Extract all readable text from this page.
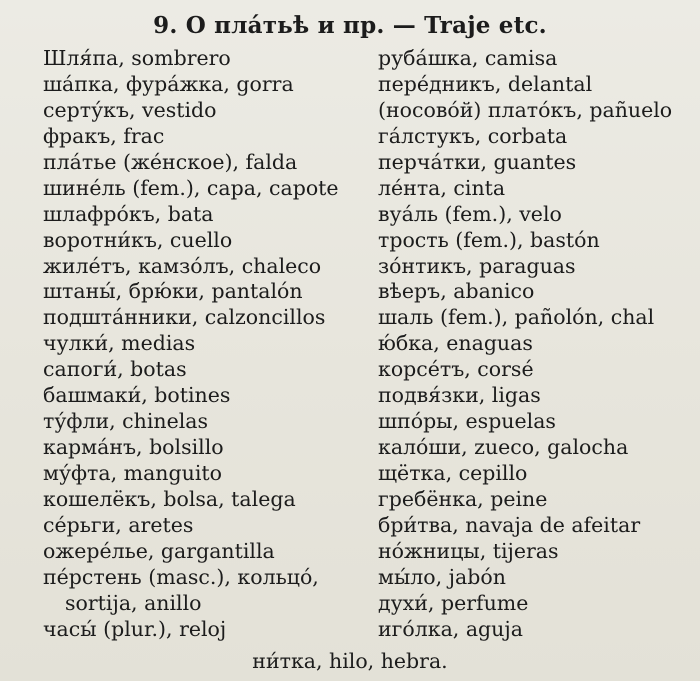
9. О пла́тьѣ и пр. — Traje etc.
Шля́па, sombrero
ша́пка, фура́жка, gorra
серту́къ, vestido
фракъ, frac
пла́тье (же́нское), falda
шине́ль (fem.), capa, capote
шлафро́къ, bata
воротни́къ, cuello
жиле́тъ, камзо́лъ, chaleco
штаны́, брю́ки, pantalón
подшта́нники, calzoncillos
чулки́, medias
сапоги́, botas
башмаки́, botines
ту́фли, chinelas
карма́нъ, bolsillo
му́фта, manguito
кошелёкъ, bolsa, talega
се́рьги, aretes
ожере́лье, gargantilla
пе́рстень (masc.), кольцо́,
sortija, anillo
часы́ (plur.), reloj
руба́шка, camisa
пере́дникъ, delantal
(носово́й) плато́къ, pañuelo
га́лстукъ, corbata
перча́тки, guantes
ле́нта, cinta
вуа́ль (fem.), velo
трость (fem.), bastón
зо́нтикъ, paraguas
вѣеръ, abanico
шаль (fem.), pañolón, chal
ю́бка, enaguas
корсе́тъ, corsé
подвя́зки, ligas
шпо́ры, espuelas
кало́ши, zueco, galocha
щётка, cepillo
гребёнка, peine
бри́тва, navaja de afeitar
но́жницы, tijeras
мы́ло, jabón
духи́, perfume
иго́лка, aguja
ни́тка, hilo, hebra.
